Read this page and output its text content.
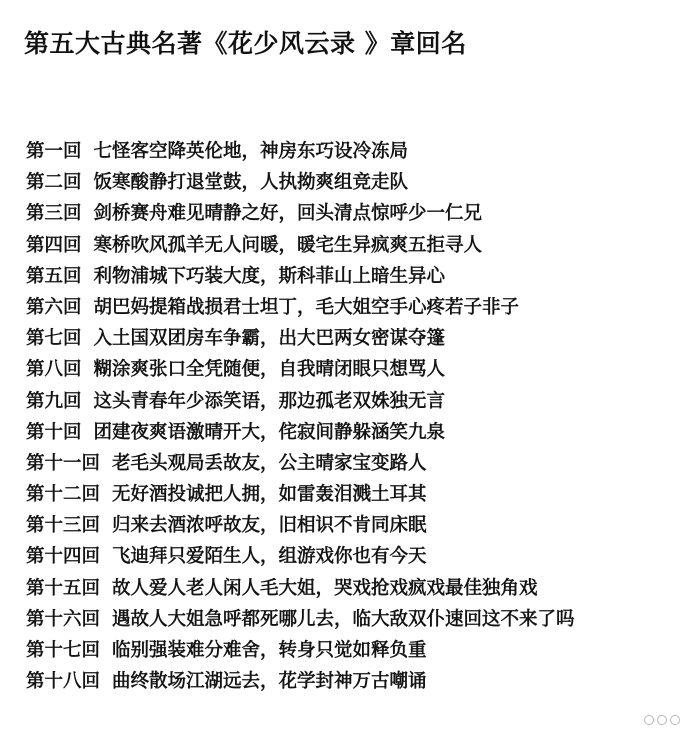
第五大古典名著《花少风云录 》章回名
第一回 七怪客空降英伦地，神房东巧设冷冻局
第二回 饭寒酸静打退堂鼓，人执拗爽组竞走队
第三回 剑桥赛舟难见晴静之好，回头清点惊呼少一仁兄
第四回 寒桥吹风孤羊无人问暖，暖宅生异疯爽五拒寻人
第五回 利物浦城下巧装大度，斯科菲山上暗生异心
第六回 胡巴妈提箱战损君士坦丁，毛大姐空手心疼若子非子
第七回 入土国双团房车争霸，出大巴两女密谋夺篷
第八回 糊涂爽张口全凭随便，自我晴闭眼只想骂人
第九回 这头青春年少添笑语，那边孤老双姝独无言
第十回 团建夜爽语激晴开大，侘寂间静躲涵笑九泉
第十一回 老毛头观局丢故友，公主晴家宝变路人
第十二回 无好酒投诚把人拥，如雷轰泪溅土耳其
第十三回 归来去酒浓呼故友，旧相识不肯同床眠
第十四回 飞迪拜只爱陌生人，组游戏你也有今天
第十五回 故人爱人老人闲人毛大姐，哭戏抢戏疯戏最佳独角戏
第十六回 遇故人大姐急呼都死哪儿去，临大敌双仆速回这不来了吗
第十七回 临别强装难分难舍，转身只觉如释负重
第十八回 曲终散场江湖远去，花学封神万古嘲诵
